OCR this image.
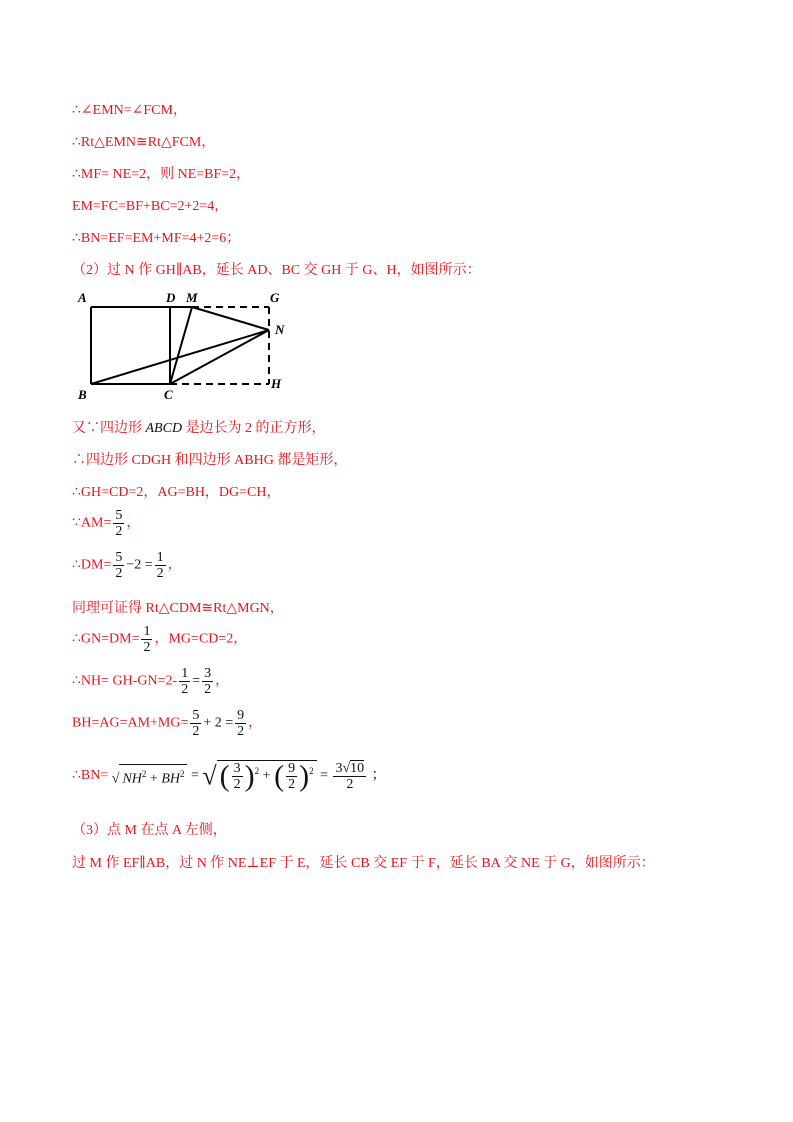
∴∠EMN=∠FCM，
∴Rt△EMN≅Rt△FCM，
∴MF= NE=2，则 NE=BF=2，
EM=FC=BF+BC=2+2=4，
∴BN=EF=EM+MF=4+2=6；
（2）过 N 作 GH∥AB，延长 AD、BC 交 GH 于 G、H，如图所示：
A	D M	G
N
B	C
H
又∵四边形 ABCD 是边长为 2 的正方形，
∴四边形 CDGH 和四边形 ABHG 都是矩形，
∴GH=CD=2，AG=BH，DG=CH，
∵AM= $\frac{5}{2}$ ，
∴DM= $\frac{5}{2} -2 = \frac{1}{2}$ ，
同理可证得 Rt△CDM≅Rt△MGN，
∴GN=DM= $\frac{1}{2}$ ，MG=CD=2，
∴NH= $GH-GN=2- \frac{1}{2} = \frac{3}{2}$ ，
$BH=AG=AM+MG= \frac{5}{2} + 2 = \frac{9}{2}$ ，
∴BN= √ $NH^2 + BH^2$ = √ ( $\frac{3}{2} )^2$ + ( $\frac{9}{2} )^2 = \frac{3√10}{2}$ ；
（3）点 M 在点 A 左侧，
过 M 作 EF∥AB，过 N 作 NE⊥EF 于 E，延长 CB 交 EF 于 F，延长 BA 交 NE 于 G，如图所示：
